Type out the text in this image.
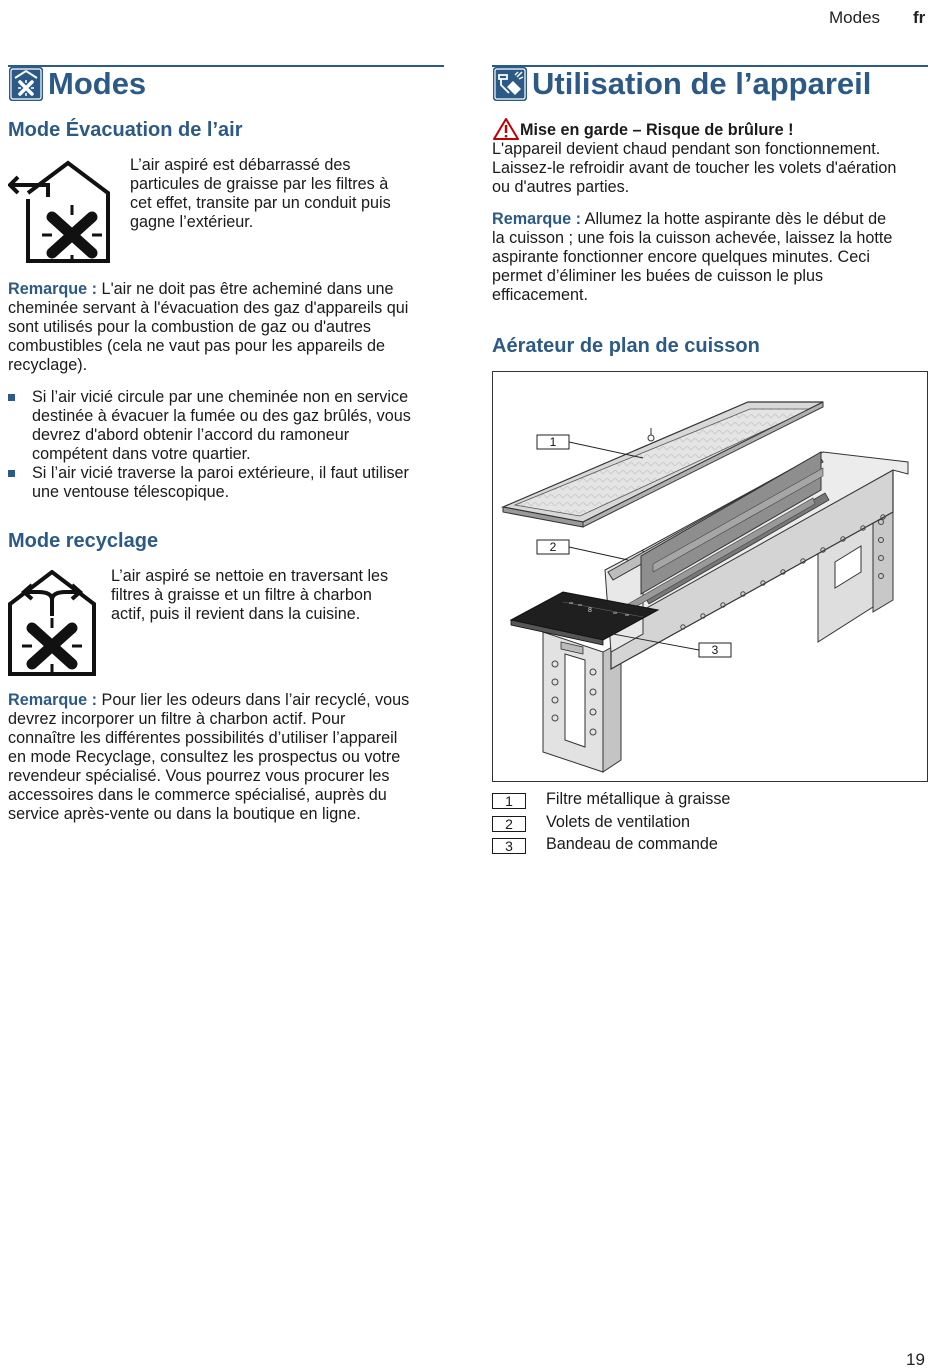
Modes fr
Modes
Mode Évacuation de l’air
L’air aspiré est débarrassé des
particules de graisse par les filtres à
cet effet, transite par un conduit puis
gagne l’extérieur.
Remarque : L'air ne doit pas être acheminé dans une
cheminée servant à l'évacuation des gaz d'appareils qui
sont utilisés pour la combustion de gaz ou d'autres
combustibles (cela ne vaut pas pour les appareils de
recyclage).
Si l’air vicié circule par une cheminée non en service
destinée à évacuer la fumée ou des gaz brûlés, vous
devrez d'abord obtenir l’accord du ramoneur
compétent dans votre quartier.
Si l’air vicié traverse la paroi extérieure, il faut utiliser
une ventouse télescopique.
Mode recyclage
L’air aspiré se nettoie en traversant les
filtres à graisse et un filtre à charbon
actif, puis il revient dans la cuisine.
Remarque : Pour lier les odeurs dans l’air recyclé, vous
devrez incorporer un filtre à charbon actif. Pour
connaître les différentes possibilités d’utiliser l’appareil
en mode Recyclage, consultez les prospectus ou votre
revendeur spécialisé. Vous pourrez vous procurer les
accessoires dans le commerce spécialisé, auprès du
service après-vente ou dans la boutique en ligne.
Utilisation de l’appareil
Mise en garde – Risque de brûlure !
L'appareil devient chaud pendant son fonctionnement.
Laissez-le refroidir avant de toucher les volets d'aération
ou d'autres parties.
Remarque : Allumez la hotte aspirante dès le début de
la cuisson ; une fois la cuisson achevée, laissez la hotte
aspirante fonctionner encore quelques minutes. Ceci
permet d’éliminer les buées de cuisson le plus
efficacement.
Aérateur de plan de cuisson
8
1
2
3
1	Filtre métallique à graisse
2	Volets de ventilation
3	Bandeau de commande
19
